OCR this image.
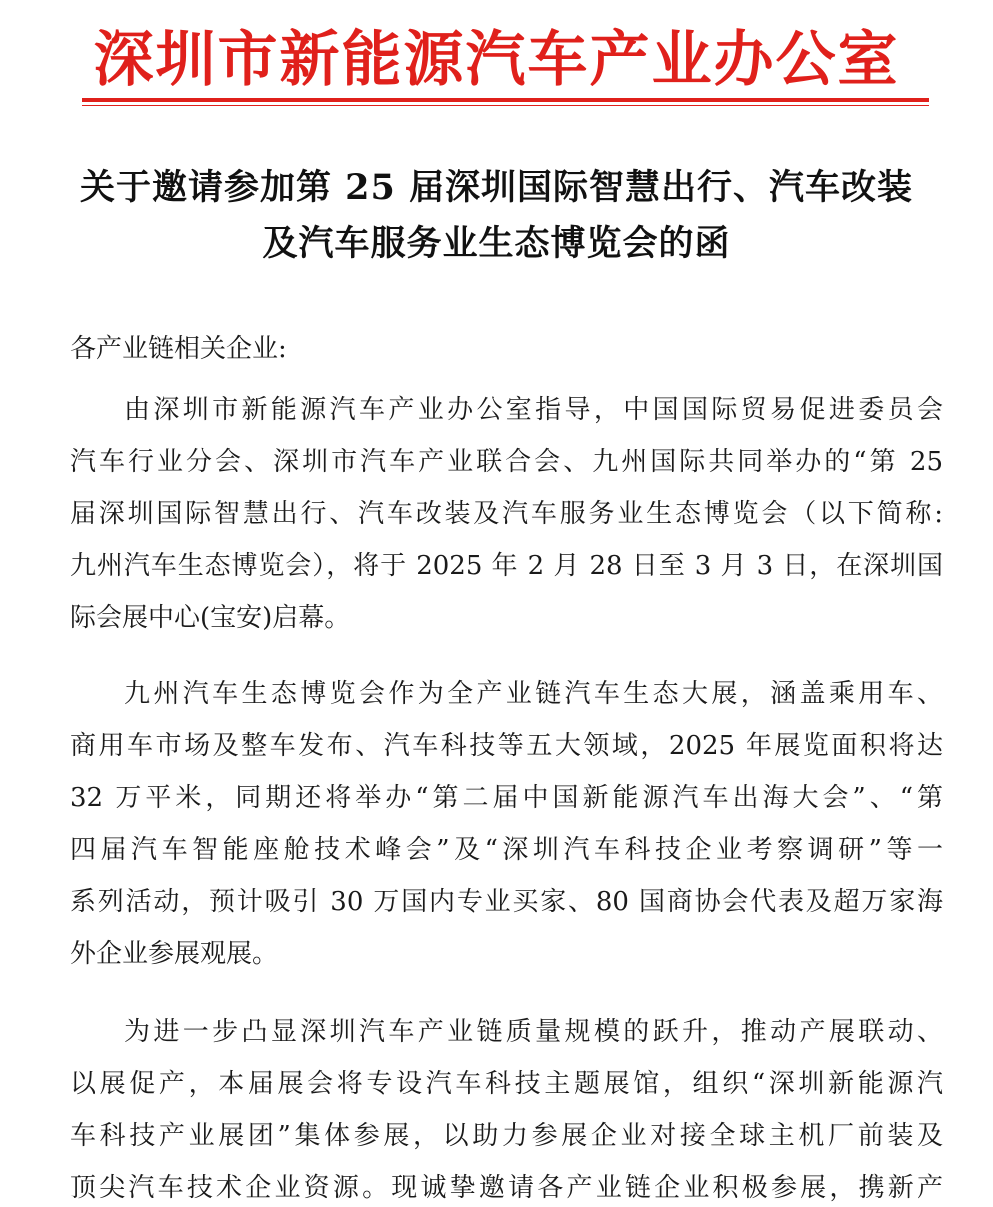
深圳市新能源汽车产业办公室
关于邀请参加第 25 届深圳国际智慧出行、汽车改装
及汽车服务业生态博览会的函
各产业链相关企业:
由深圳市新能源汽车产业办公室指导，中国国际贸易促进委员会
汽车行业分会、深圳市汽车产业联合会、九州国际共同举办的“第 25
届深圳国际智慧出行、汽车改装及汽车服务业生态博览会（以下简称:
九州汽车生态博览会），将于 2025 年 2 月 28 日至 3 月 3 日，在深圳国
际会展中心(宝安)启幕。
九州汽车生态博览会作为全产业链汽车生态大展，涵盖乘用车、
商用车市场及整车发布、汽车科技等五大领域，2025 年展览面积将达
32 万平米，同期还将举办“第二届中国新能源汽车出海大会”、“第
四届汽车智能座舱技术峰会”及“深圳汽车科技企业考察调研”等一
系列活动，预计吸引 30 万国内专业买家、80 国商协会代表及超万家海
外企业参展观展。
为进一步凸显深圳汽车产业链质量规模的跃升，推动产展联动、
以展促产，本届展会将专设汽车科技主题展馆，组织“深圳新能源汽
车科技产业展团”集体参展，以助力参展企业对接全球主机厂前装及
顶尖汽车技术企业资源。现诚挚邀请各产业链企业积极参展，携新产
